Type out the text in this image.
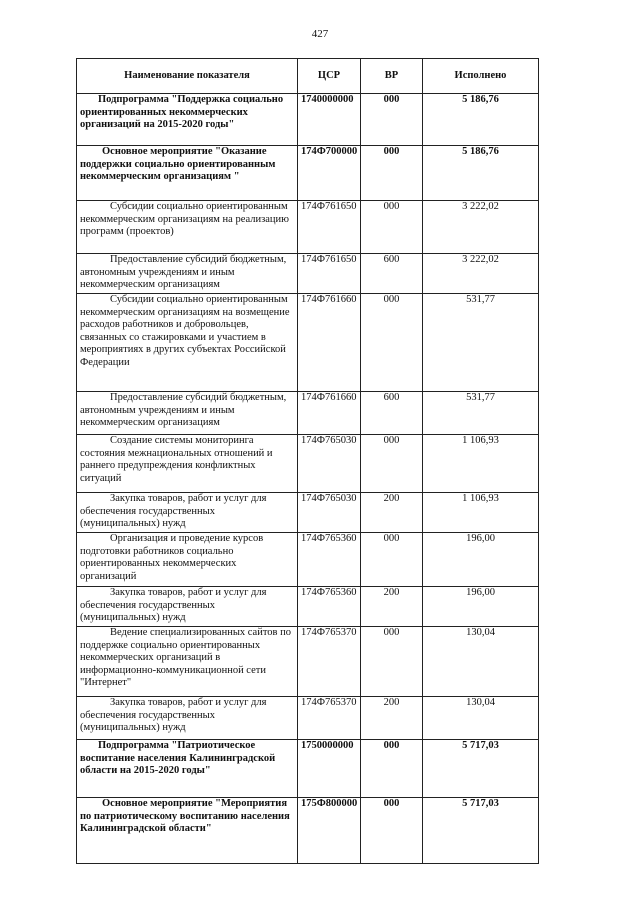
427
Наименование показателя	ЦСР	ВР	Исполнено
Подпрограмма "Поддержка социально ориентированных некоммерческих организаций на 2015-2020 годы"	1740000000	000	5 186,76
Основное мероприятие "Оказание поддержки социально ориентированным некоммерческим организациям "	174Ф700000	000	5 186,76
Субсидии социально ориентированным некоммерческим организациям на реализацию программ (проектов)	174Ф761650	000	3 222,02
Предоставление субсидий бюджетным, автономным учреждениям и иным некоммерческим организациям	174Ф761650	600	3 222,02
Субсидии социально ориентированным некоммерческим организациям на возмещение расходов работников и добровольцев, связанных со стажировками и участием в мероприятиях в других субъектах Российской Федерации	174Ф761660	000	531,77
Предоставление субсидий бюджетным, автономным учреждениям и иным некоммерческим организациям	174Ф761660	600	531,77
Создание системы мониторинга состояния межнациональных отношений и раннего предупреждения конфликтных ситуаций	174Ф765030	000	1 106,93
Закупка товаров, работ и услуг для обеспечения государственных (муниципальных) нужд	174Ф765030	200	1 106,93
Организация и проведение курсов подготовки работников социально ориентированных некоммерческих организаций	174Ф765360	000	196,00
Закупка товаров, работ и услуг для обеспечения государственных (муниципальных) нужд	174Ф765360	200	196,00
Ведение специализированных сайтов по поддержке социально ориентированных некоммерческих организаций в информационно-коммуникационной сети "Интернет"	174Ф765370	000	130,04
Закупка товаров, работ и услуг для обеспечения государственных (муниципальных) нужд	174Ф765370	200	130,04
Подпрограмма "Патриотическое воспитание населения Калининградской области на 2015-2020 годы"	1750000000	000	5 717,03
Основное мероприятие "Мероприятия по патриотическому воспитанию населения Калининградской области"	175Ф800000	000	5 717,03
